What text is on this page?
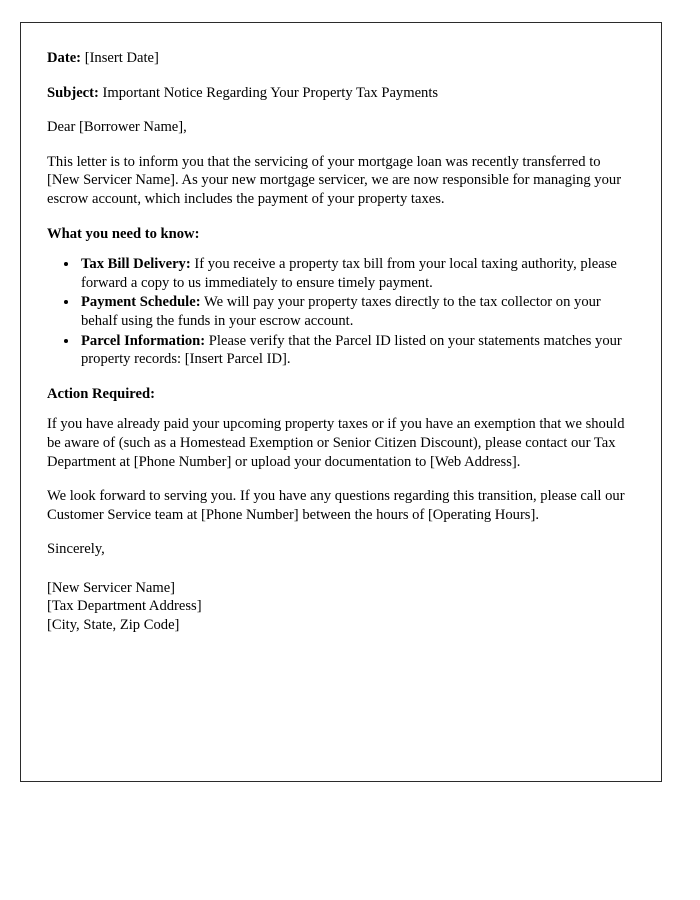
Date: [Insert Date]

Subject: Important Notice Regarding Your Property Tax Payments

Dear [Borrower Name],

This letter is to inform you that the servicing of your mortgage loan was recently transferred to [New Servicer Name]. As your new mortgage servicer, we are now responsible for managing your escrow account, which includes the payment of your property taxes.

What you need to know:

• Tax Bill Delivery: If you receive a property tax bill from your local taxing authority, please forward a copy to us immediately to ensure timely payment.
• Payment Schedule: We will pay your property taxes directly to the tax collector on your behalf using the funds in your escrow account.
• Parcel Information: Please verify that the Parcel ID listed on your statements matches your property records: [Insert Parcel ID].

Action Required:

If you have already paid your upcoming property taxes or if you have an exemption that we should be aware of (such as a Homestead Exemption or Senior Citizen Discount), please contact our Tax Department at [Phone Number] or upload your documentation to [Web Address].

We look forward to serving you. If you have any questions regarding this transition, please call our Customer Service team at [Phone Number] between the hours of [Operating Hours].

Sincerely,

[New Servicer Name]

[Tax Department Address]

[City, State, Zip Code]
